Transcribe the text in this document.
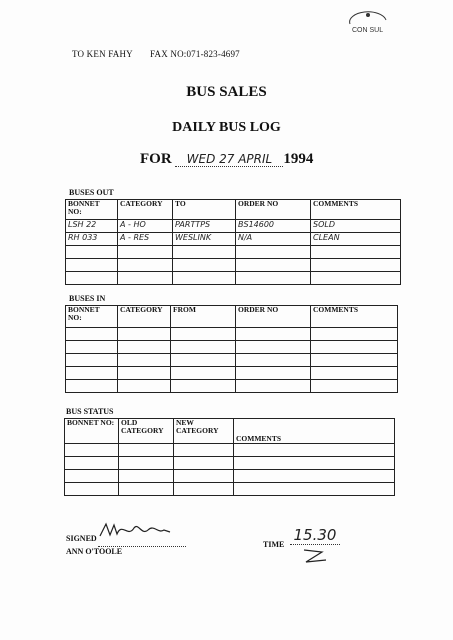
TO KEN FAHY FAX NO:071-823-4697
CON SUL
BUS SALES
DAILY BUS LOG
FOR WED 27 APRIL 1994
BUSES OUT
BONNET NO:	CATEGORY	TO	ORDER NO	COMMENTS
LSH 22	A - HO	PARTTPS	BS14600	SOLD
RH 033	A - RES	WESLINK	N/A	CLEAN

BUSES IN
BONNET NO:	CATEGORY	FROM	ORDER NO	COMMENTS

BUS STATUS
BONNET NO:	OLD CATEGORY	NEW CATEGORY	COMMENTS

SIGNED
ANN O'TOOLE
TIME
15.30
